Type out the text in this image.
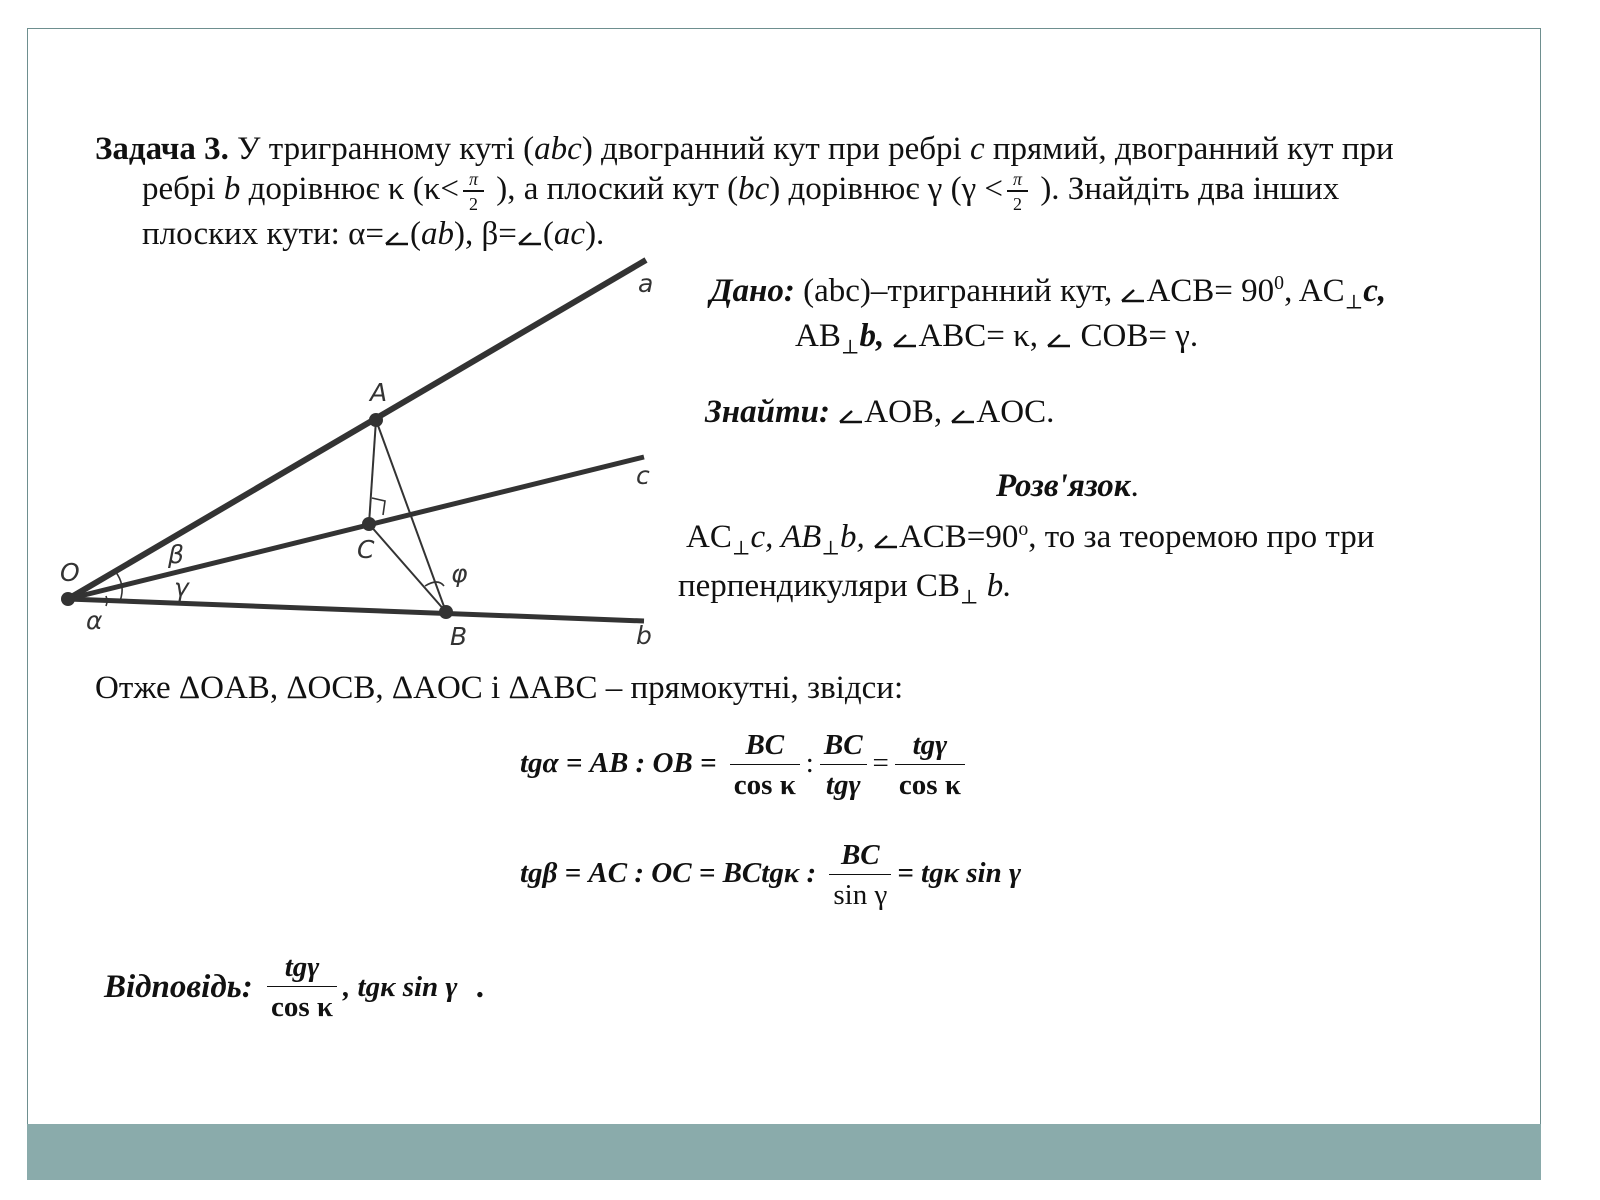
Задача 3. У тригранному куті (abc) двогранний кут при ребрі c прямий, двогранний кут при
ребрі b дорівнює κ ($\kappa< \frac{\pi}{2}$ ), а плоский кут (bc) дорівнює γ ($\gamma < \frac{\pi}{2}$ ). Знайдіть два інших
плоских кути: α= (ab), β= (ac).
a
c
b
O
A
C
B
β
γ
α
φ
Дано: (abc)–тригранний кут, $ACB= 90^0$, $AC_\perp c$,
$AB_\perp b$, ABC= κ,  COB= γ.
Знайти: AOB, AOC.
Розв'язок.
$AC_\perp c$, $AB_\perp b$, $ACB=90^o$, то за теоремою про три
перпендикуляри $CB_\perp$ b.
Отже ΔOAB, ΔOCB, ΔAOC і ΔABC – прямокутні, звідси:
tgα = AB : OB = $\frac{BC}{\text{cos κ}}$ : $\frac{BC}{\text{tgγ}} = \frac{\text{tgγ}}{\text{cos κ}}$
tgβ = AC : OC = BCtgκ : $\frac{BC}{\text{sin γ}} = tg\kappa$ sin γ
Відповідь: $\frac{\text{tgγ}}{\text{cos κ}}$ , tgκ sin γ .
